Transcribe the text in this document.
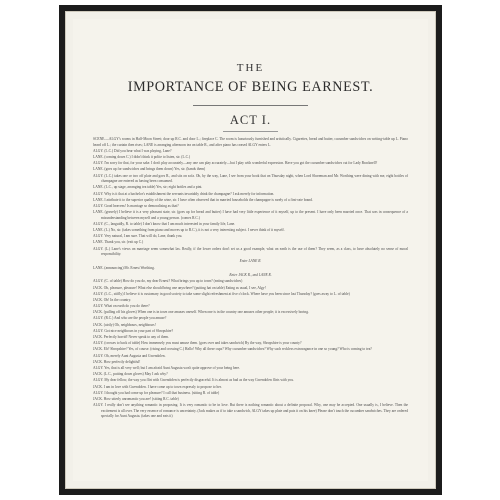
THE
IMPORTANCE OF BEING EARNEST.
ACT I.

SCENE.—ALGY's rooms in Half-Moon Street; door up R.C. and door L.; fireplace C. The room is luxuriously furnished and artistically. Cigarettes, bread and butter, cucumber sandwiches on writing-table up L. Piano heard off L.; the curtain then rises; LANE is arranging afternoon tea on table R., and after piano has ceased ALGY enters L.

ALGY. (L.C.) Did you hear what I was playing, Lane?

LANE. (coming down C.) I didn't think it polite to listen, sir. (L.C.)

ALGY. I'm sorry for that, for your sake. I don't play accurately—any one can play accurately—but I play with wonderful expression. Have you got the cucumber sandwiches cut for Lady Bracknell?

LANE. (goes up for sandwiches and brings them down) Yes, sir. (hands them)

ALGY. (L.C.) takes one or two off plate and goes R., and sits on sofa. Oh, by the way, Lane, I see from your book that on Thursday night, when Lord Shoreman and Mr. Worthing were dining with me, eight bottles of champagne are entered as having been consumed.

LANE. (L.C., up stage, arranging tea table) Yes, sir; eight bottles and a pint.

ALGY. Why is it that at a bachelor's establishment the servants invariably drink the champagne? I ask merely for information.

LANE. I attribute it to the superior quality of the wine, sir. I have often observed that in married households the champagne is rarely of a first-rate brand.

ALGY. Good heavens! Is marriage so demoralising as that?

LANE. (gravely) I believe it is a very pleasant state, sir. (goes up for bread and butter) I have had very little experience of it myself, up to the present. I have only been married once. That was in consequence of a misunderstanding between myself and a young person. (comes R.C.)

ALGY. (C., languidly, R. to table) I don't know that I am much interested in your family life, Lane.

LANE. (L.) No, sir. (takes something from piano and moves up to R.C.), it is not a very interesting subject. I never think of it myself.

ALGY. Very natural, I am sure. That will do, Lane, thank you.

LANE. Thank you, sir. (exit up C.)

ALGY. (L.) Lane's views on marriage seem somewhat lax. Really, if the lower orders don't set us a good example, what on earth is the use of them? They seem, as a class, to have absolutely no sense of moral responsibility.

Enter LANE R.

LANE. (announcing) Mr. Ernest Worthing.

Enter JACK R., and LANE R.

ALGY. (C. of table) How do you do, my dear Ernest? What brings you up to town? (eating sandwiches)

JACK. Oh, pleasure, pleasure! What else should bring one anywhere? (putting hat on table) Eating as usual, I see, Algy!

ALGY. (L.C., stiffly) I believe it is customary in good society to take some slight refreshment at five o'clock. Where have you been since last Thursday? (goes away to L. of table)

JACK. Oh! In the country.

ALGY. What on earth do you do there?

JACK. (pulling off his gloves) When one is in town one amuses oneself. When one is in the country one amuses other people; it is excessively boring.

ALGY. (R.C.) And who are the people you amuse?

JACK. (airily) Oh, neighbours, neighbours!

ALGY. Got nice neighbours in your part of Shropshire?

JACK. Perfectly horrid! Never speak to any of them.

ALGY. (crosses to back of table) How immensely you must amuse them. (goes over and takes sandwich) By the way, Shropshire is your county?

JACK. Eh? Shropshire? Yes, of course. (rising and crossing C.) Hallo! Why all these cups? Why cucumber sandwiches? Why such reckless extravagance in one so young? Who is coming to tea?

ALGY. Oh, merely Aunt Augusta and Gwendolen.

JACK. How perfectly delightful!

ALGY. Yes, that is all very well; but I am afraid Aunt Augusta won't quite approve of your being here.

JACK. (L.C., putting down gloves) May I ask why?

ALGY. My dear fellow, the way you flirt with Gwendolen is perfectly disgraceful. It is almost as bad as the way Gwendolen flirts with you.

JACK. I am in love with Gwendolen. I have come up to town expressly to propose to her.

ALGY. I thought you had come up for pleasure? I call that business. (sitting R. of table)

JACK. How utterly unromantic you are! (sitting R.C. table)

ALGY. I really don't see anything romantic in proposing. It is very romantic to be in love. But there is nothing romantic about a definite proposal. Why, one may be accepted. One usually is, I believe. Then the excitement is all over. The very essence of romance is uncertainty. (Jack makes as if to take a sandwich, ALGY takes up plate and puts it on his knee) Please don't touch the cucumber sandwiches. They are ordered specially for Aunt Augusta. (takes one and eats it)
